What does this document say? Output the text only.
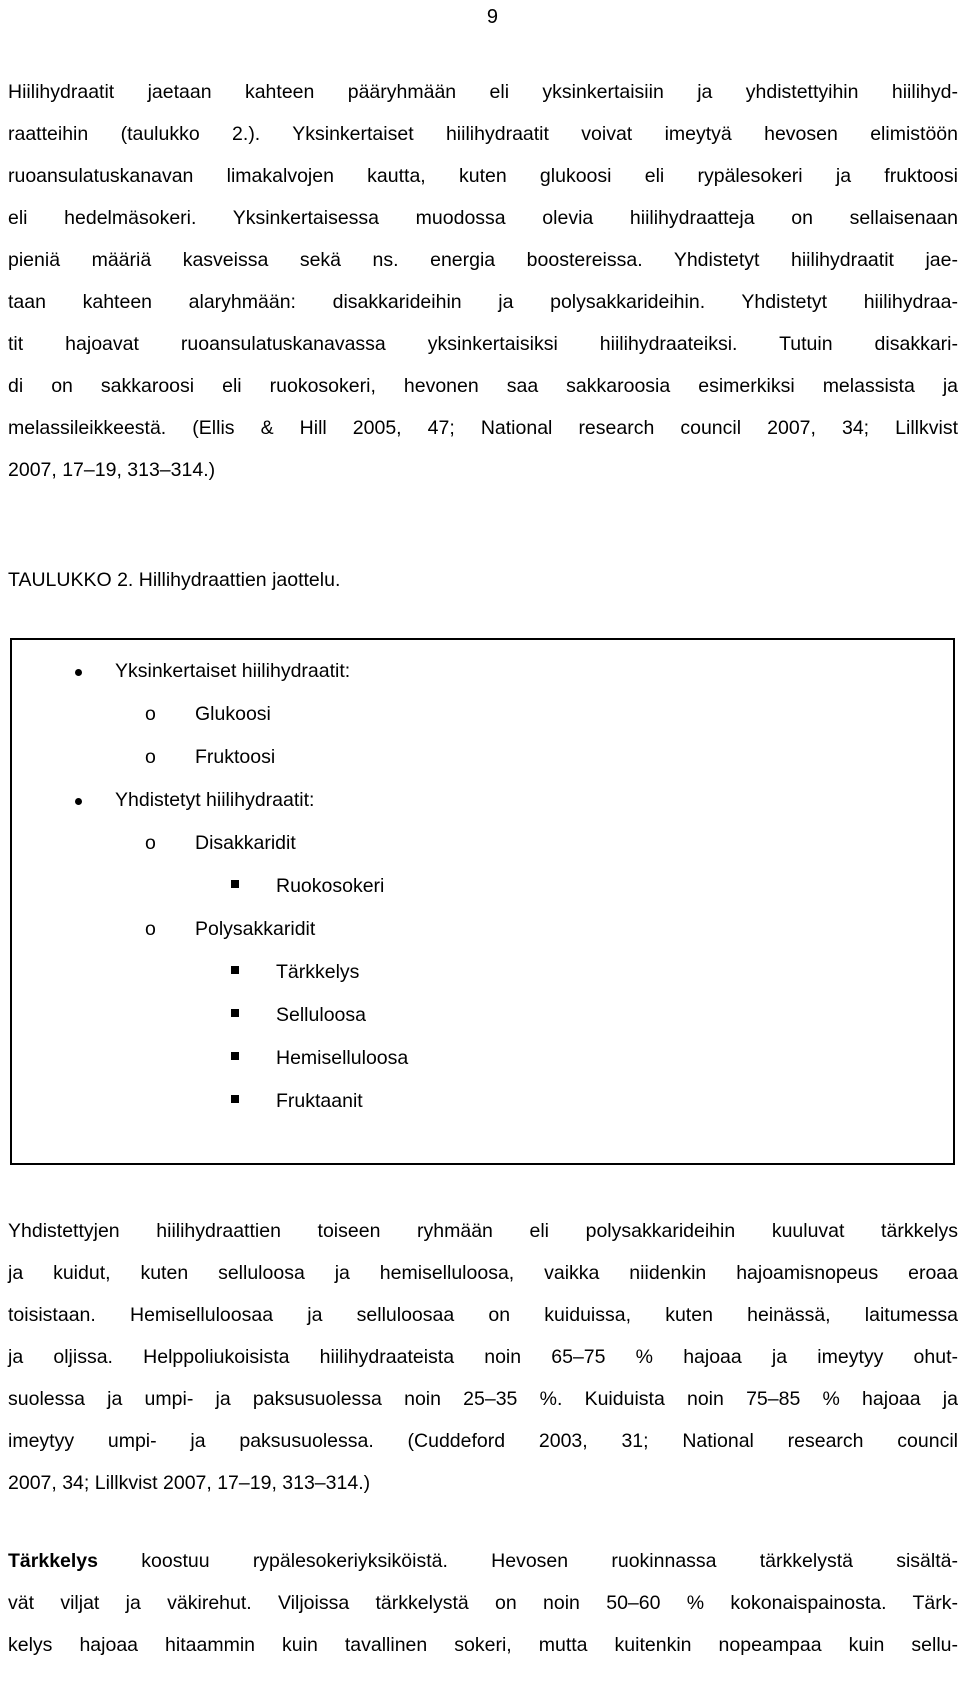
9
Hiilihydraatit jaetaan kahteen pääryhmään eli yksinkertaisiin ja yhdistettyihin hiilihyd-
raatteihin (taulukko 2.). Yksinkertaiset hiilihydraatit voivat imeytyä hevosen elimistöön
ruoansulatuskanavan limakalvojen kautta, kuten glukoosi eli rypälesokeri ja fruktoosi
eli hedelmäsokeri. Yksinkertaisessa muodossa olevia hiilihydraatteja on sellaisenaan
pieniä määriä kasveissa sekä ns. energia boostereissa. Yhdistetyt hiilihydraatit jae-
taan kahteen alaryhmään: disakkarideihin ja polysakkarideihin. Yhdistetyt hiilihydraa-
tit hajoavat ruoansulatuskanavassa yksinkertaisiksi hiilihydraateiksi. Tutuin disakkari-
di on sakkaroosi eli ruokosokeri, hevonen saa sakkaroosia esimerkiksi melassista ja
melassileikkeestä. (Ellis & Hill 2005, 47; National research council 2007, 34; Lillkvist
2007, 17–19, 313–314.)
TAULUKKO 2. Hillihydraattien jaottelu.
Yksinkertaiset hiilihydraatit:
o Glukoosi
o Fruktoosi
Yhdistetyt hiilihydraatit:
o Disakkaridit
Ruokosokeri
o Polysakkaridit
Tärkkelys
Selluloosa
Hemiselluloosa
Fruktaanit
Yhdistettyjen hiilihydraattien toiseen ryhmään eli polysakkarideihin kuuluvat tärkkelys
ja kuidut, kuten selluloosa ja hemiselluloosa, vaikka niidenkin hajoamisnopeus eroaa
toisistaan. Hemiselluloosaa ja selluloosaa on kuiduissa, kuten heinässä, laitumessa
ja oljissa. Helppoliukoisista hiilihydraateista noin 65–75 % hajoaa ja imeytyy ohut-
suolessa ja umpi- ja paksusuolessa noin 25–35 %. Kuiduista noin 75–85 % hajoaa ja
imeytyy umpi- ja paksusuolessa. (Cuddeford 2003, 31; National research council
2007, 34; Lillkvist 2007, 17–19, 313–314.)
Tärkkelys koostuu rypälesokeriyksiköistä. Hevosen ruokinnassa tärkkelystä sisältä-
vät viljat ja väkirehut. Viljoissa tärkkelystä on noin 50–60 % kokonaispainosta. Tärk-
kelys hajoaa hitaammin kuin tavallinen sokeri, mutta kuitenkin nopeampaa kuin sellu-
